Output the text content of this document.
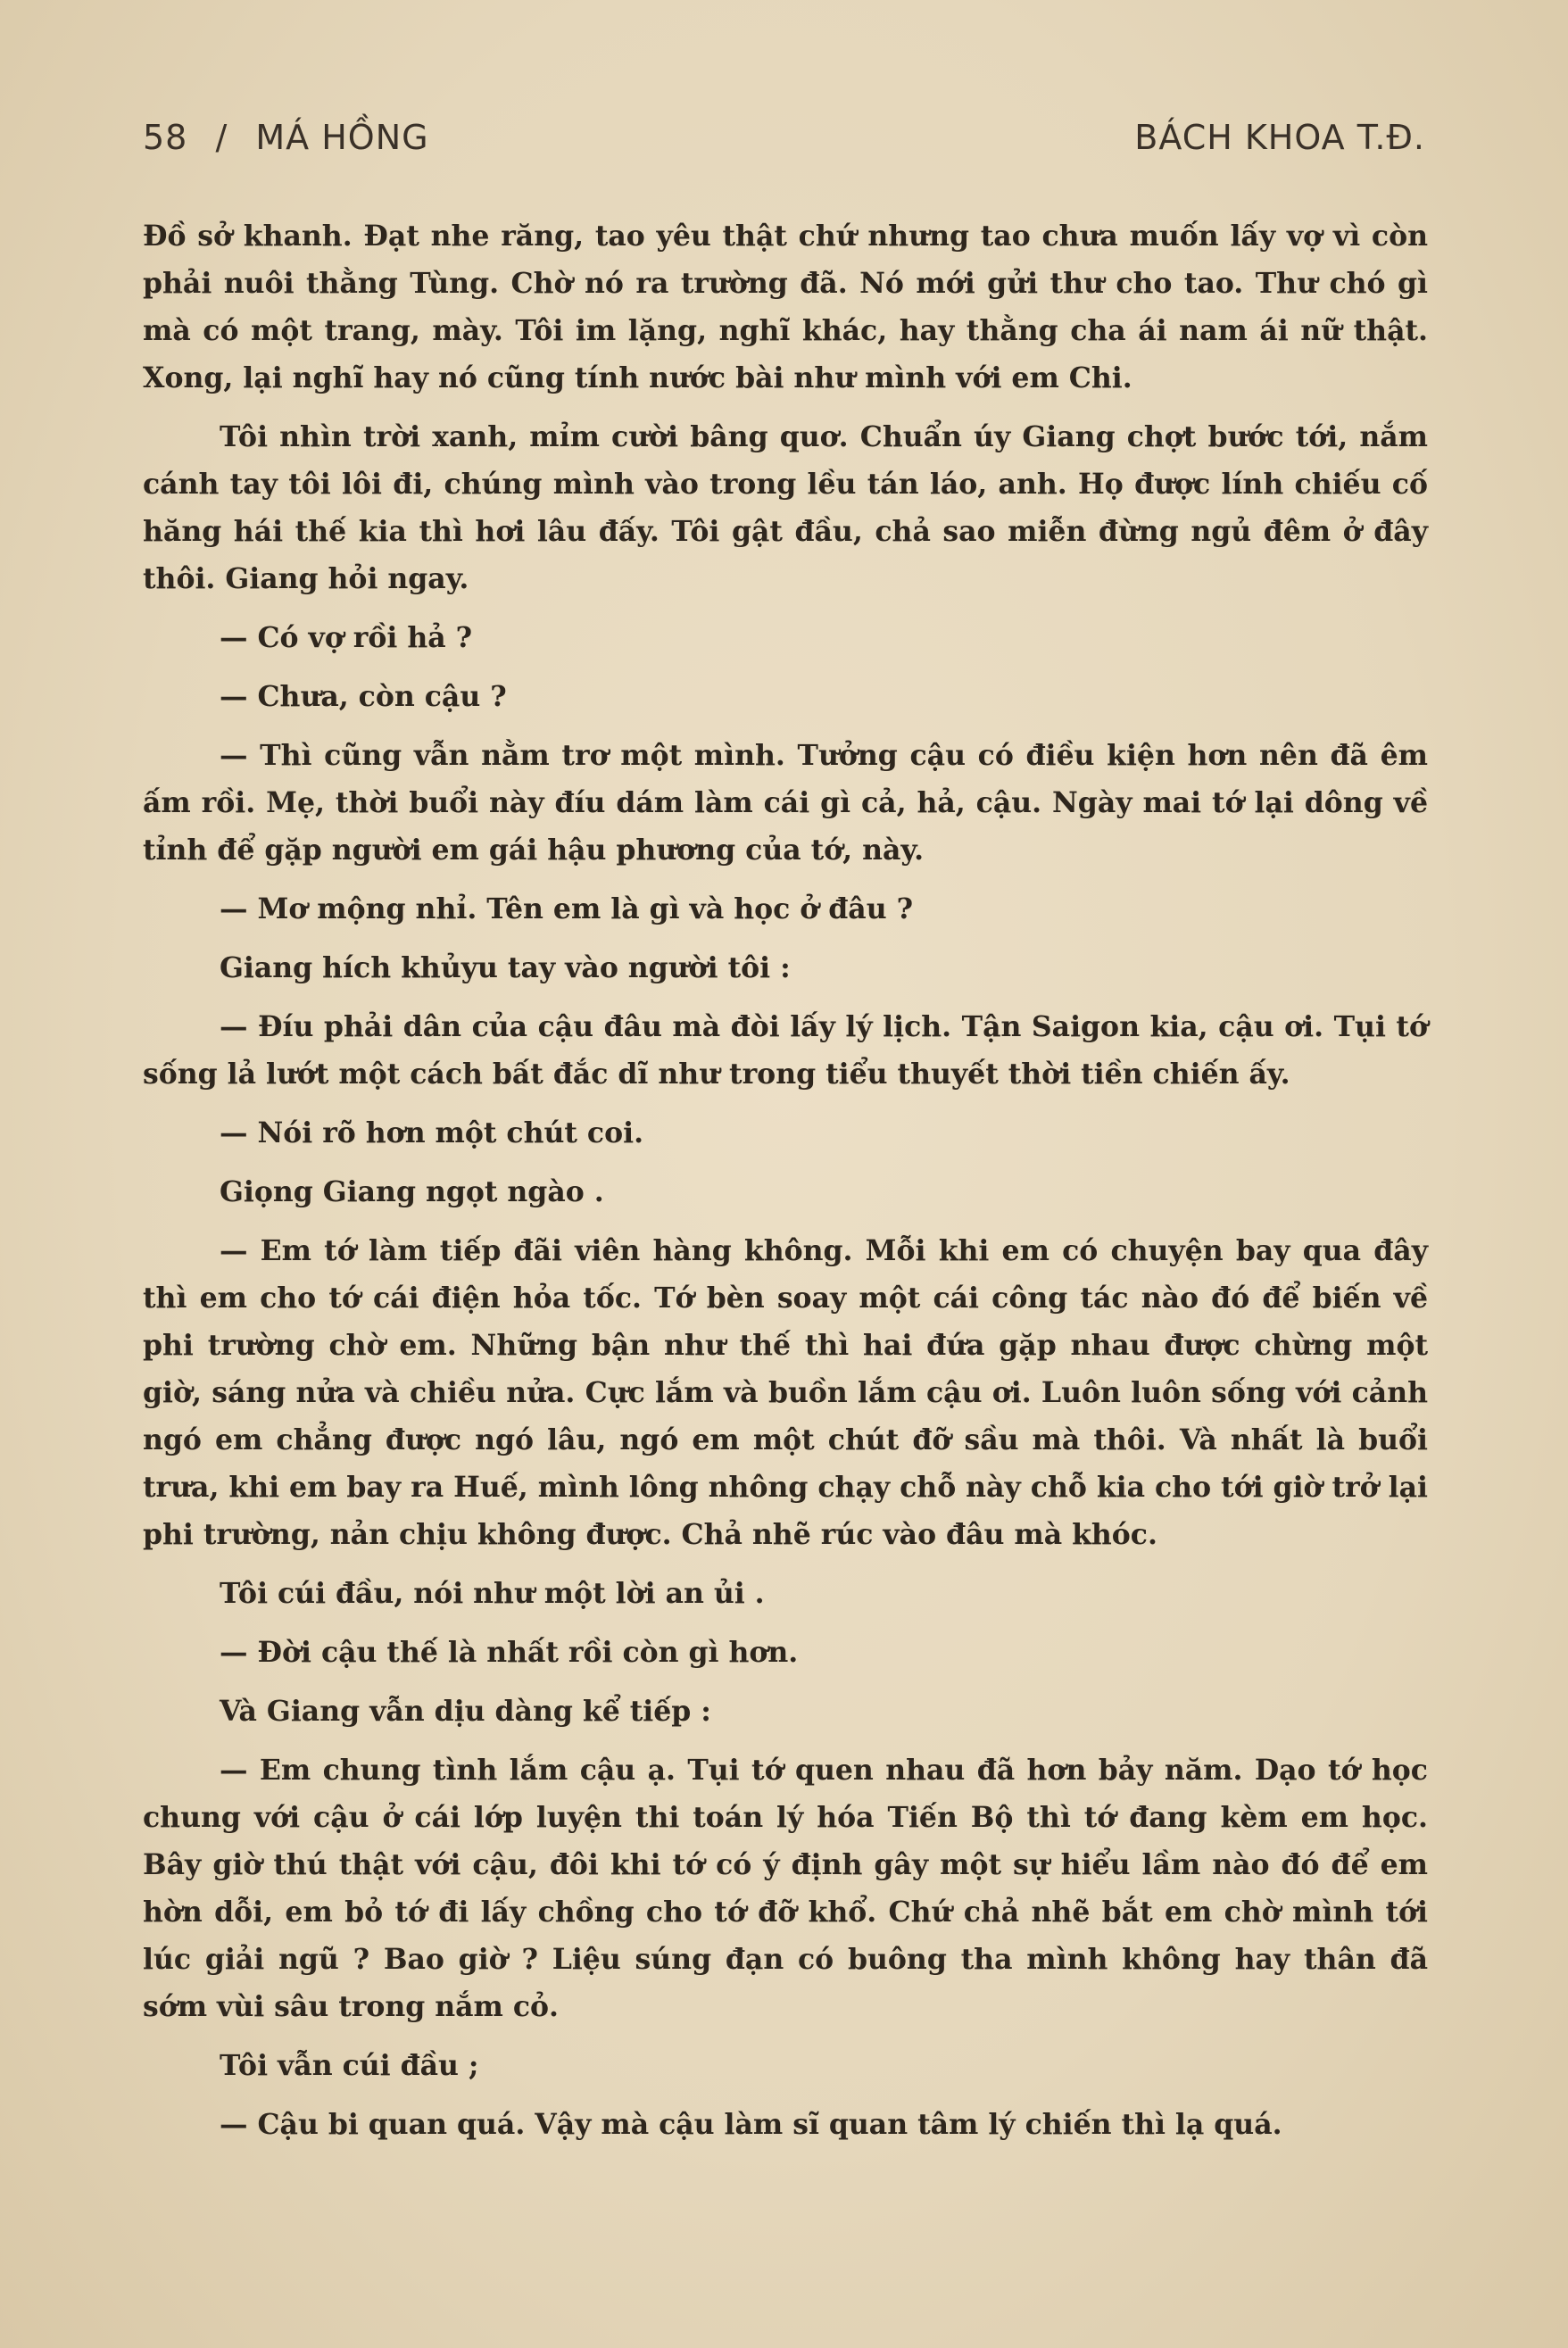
58 / MÁ HỒNG	BÁCH KHOA T.Đ.

Đồ sở khanh. Đạt nhe răng, tao yêu thật chứ nhưng tao chưa muốn lấy vợ vì còn phải nuôi thằng Tùng. Chờ nó ra trường đã. Nó mới gửi thư cho tao. Thư chó gì mà có một trang, mày. Tôi im lặng, nghĩ khác, hay thằng cha ái nam ái nữ thật. Xong, lại nghĩ hay nó cũng tính nước bài như mình với em Chi.

Tôi nhìn trời xanh, mỉm cười bâng quơ. Chuẩn úy Giang chợt bước tới, nắm cánh tay tôi lôi đi, chúng mình vào trong lều tán láo, anh. Họ được lính chiếu cố hăng hái thế kia thì hơi lâu đấy. Tôi gật đầu, chả sao miễn đừng ngủ đêm ở đây thôi. Giang hỏi ngay.

— Có vợ rồi hả ?

— Chưa, còn cậu ?

— Thì cũng vẫn nằm trơ một mình. Tưởng cậu có điều kiện hơn nên đã êm ấm rồi. Mẹ, thời buổi này đíu dám làm cái gì cả, hả, cậu. Ngày mai tớ lại dông về tỉnh để gặp người em gái hậu phương của tớ, này.

— Mơ mộng nhỉ. Tên em là gì và học ở đâu ?

Giang hích khủyu tay vào người tôi :

— Đíu phải dân của cậu đâu mà đòi lấy lý lịch. Tận Saigon kia, cậu ơi. Tụi tớ sống lả lướt một cách bất đắc dĩ như trong tiểu thuyết thời tiền chiến ấy.

— Nói rõ hơn một chút coi.

Giọng Giang ngọt ngào .

— Em tớ làm tiếp đãi viên hàng không. Mỗi khi em có chuyện bay qua đây thì em cho tớ cái điện hỏa tốc. Tớ bèn soay một cái công tác nào đó để biến về phi trường chờ em. Những bận như thế thì hai đứa gặp nhau được chừng một giờ, sáng nửa và chiều nửa. Cực lắm và buồn lắm cậu ơi. Luôn luôn sống với cảnh ngó em chẳng được ngó lâu, ngó em một chút đỡ sầu mà thôi. Và nhất là buổi trưa, khi em bay ra Huế, mình lông nhông chạy chỗ này chỗ kia cho tới giờ trở lại phi trường, nản chịu không được. Chả nhẽ rúc vào đâu mà khóc.

Tôi cúi đầu, nói như một lời an ủi .

— Đời cậu thế là nhất rồi còn gì hơn.

Và Giang vẫn dịu dàng kể tiếp :

— Em chung tình lắm cậu ạ. Tụi tớ quen nhau đã hơn bảy năm. Dạo tớ học chung với cậu ở cái lớp luyện thi toán lý hóa Tiến Bộ thì tớ đang kèm em học. Bây giờ thú thật với cậu, đôi khi tớ có ý định gây một sự hiểu lầm nào đó để em hờn dỗi, em bỏ tớ đi lấy chồng cho tớ đỡ khổ. Chứ chả nhẽ bắt em chờ mình tới lúc giải ngũ ? Bao giờ ? Liệu súng đạn có buông tha mình không hay thân đã sớm vùi sâu trong nắm cỏ.

Tôi vẫn cúi đầu ;

— Cậu bi quan quá. Vậy mà cậu làm sĩ quan tâm lý chiến thì lạ quá.
